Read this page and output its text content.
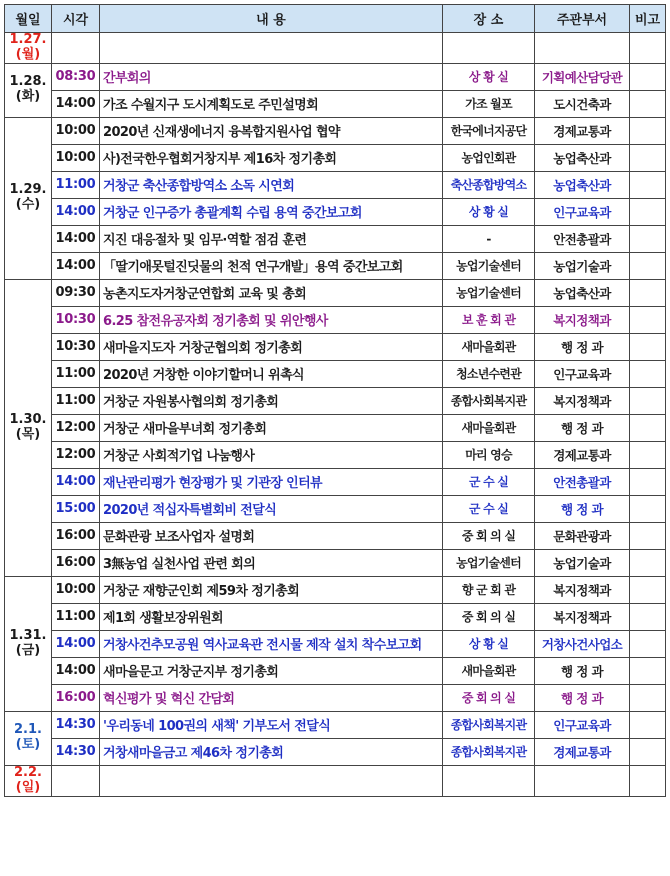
월일	시각	내 용	장 소	주관부서	비고

1.27.
(월)					

1.28.
(화)	08:30	간부회의	상 황 실	기획예산담당관	
	14:00	가조 수월지구 도시계획도로 주민설명회	가조 월포	도시건축과	

1.29.
(수)	10:00	2020년 신재생에너지 융복합지원사업 협약	한국에너지공단	경제교통과	
	10:00	사)전국한우협회거창지부 제16차 정기총회	농업인회관	농업축산과	
	11:00	거창군 축산종합방역소 소독 시연회	축산종합방역소	농업축산과	
	14:00	거창군 인구증가 총괄계획 수립 용역 중간보고회	상 황 실	인구교육과	
	14:00	지진 대응절차 및 임무·역할 점검 훈련	-	안전총괄과	
	14:00	「딸기애못털진딧물의 천적 연구개발」용역 중간보고회	농업기술센터	농업기술과	

1.30.
(목)	09:30	농촌지도자거창군연합회 교육 및 총회	농업기술센터	농업축산과	
	10:30	6.25 참전유공자회 정기총회 및 위안행사	보 훈 회 관	복지정책과	
	10:30	새마을지도자 거창군협의회 정기총회	새마을회관	행 정 과	
	11:00	2020년 거창한 이야기할머니 위촉식	청소년수련관	인구교육과	
	11:00	거창군 자원봉사협의회 정기총회	종합사회복지관	복지정책과	
	12:00	거창군 새마을부녀회 정기총회	새마을회관	행 정 과	
	12:00	거창군 사회적기업 나눔행사	마리 영승	경제교통과	
	14:00	재난관리평가 현장평가 및 기관장 인터뷰	군 수 실	안전총괄과	
	15:00	2020년 적십자특별회비 전달식	군 수 실	행 정 과	
	16:00	문화관광 보조사업자 설명회	중 회 의 실	문화관광과	
	16:00	3無농업 실천사업 관련 회의	농업기술센터	농업기술과	

1.31.
(금)	10:00	거창군 재향군인회 제59차 정기총회	향 군 회 관	복지정책과	
	11:00	제1회 생활보장위원회	중 회 의 실	복지정책과	
	14:00	거창사건추모공원 역사교육관 전시물 제작 설치 착수보고회	상 황 실	거창사건사업소	
	14:00	새마을문고 거창군지부 정기총회	새마을회관	행 정 과	
	16:00	혁신평가 및 혁신 간담회	중 회 의 실	행 정 과	

2.1.
(토)	14:30	'우리동네 100권의 새책' 기부도서 전달식	종합사회복지관	인구교육과	
	14:30	거창새마을금고 제46차 정기총회	종합사회복지관	경제교통과	

2.2.
(일)					
